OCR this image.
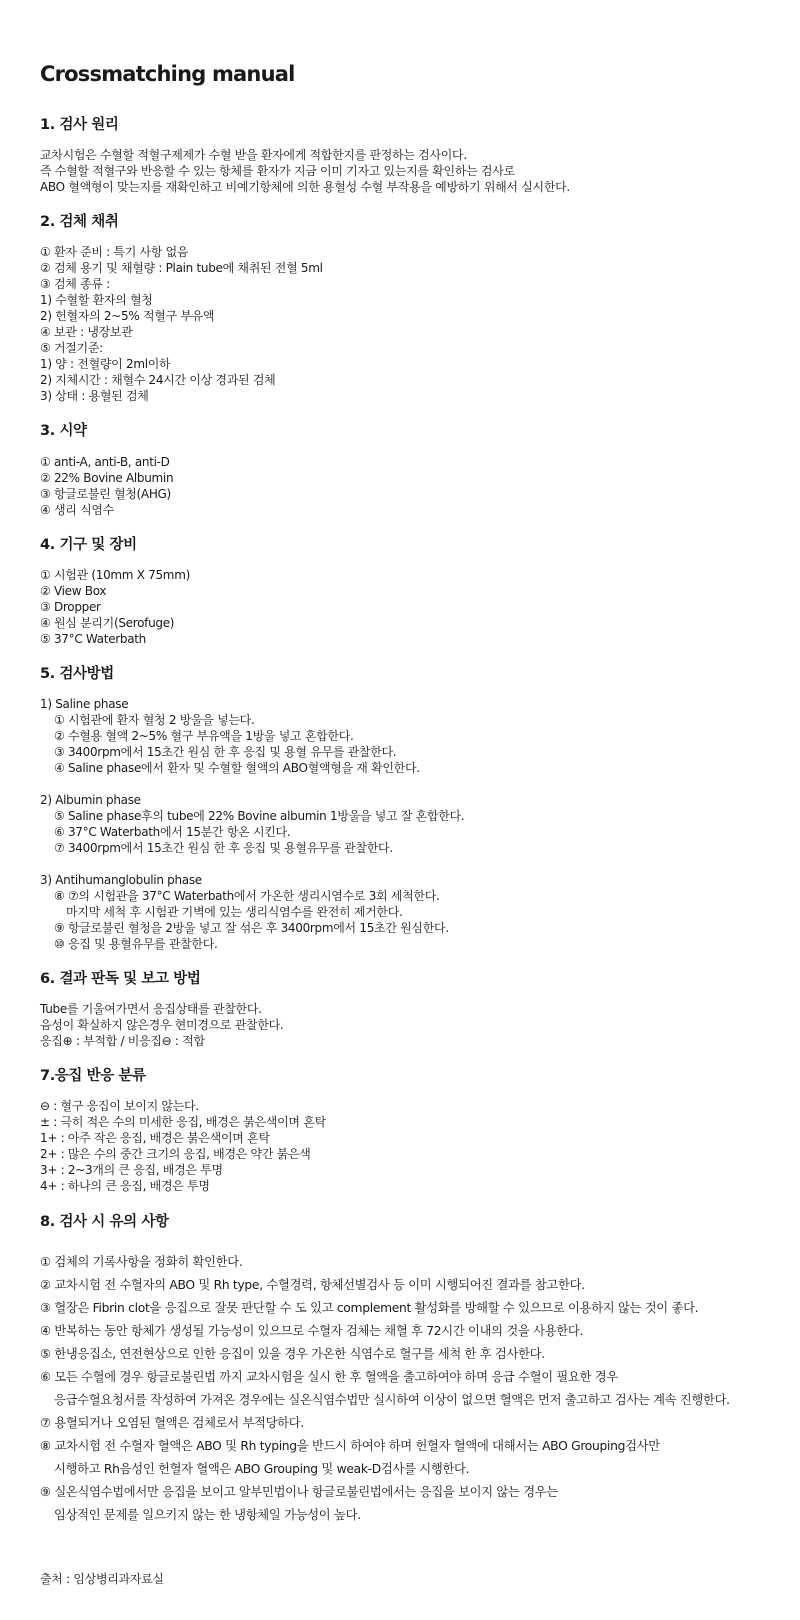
Crossmatching manual
1. 검사 원리
교차시험은 수혈할 적혈구제제가 수혈 받을 환자에게 적합한지를 판정하는 검사이다.
즉 수혈할 적혈구와 반응할 수 있는 항체를 환자가 지금 이미 기자고 있는지를 확인하는 검사로
ABO 혈액형이 맞는지를 재확인하고 비예기항체에 의한 용혈성 수혈 부작용을 예방하기 위해서 실시한다.
2. 검체 채취
① 환자 준비 : 특기 사항 없음
② 검체 용기 및 채혈량 : Plain tube에 채취된 전혈 5ml
③ 검체 종류 :
1) 수혈할 환자의 혈청
2) 헌혈자의 2~5% 적혈구 부유액
④ 보관 : 냉장보관
⑤ 거절기준:
1) 양 : 전혈량이 2ml이하
2) 지체시간 : 채혈수 24시간 이상 경과된 검체
3) 상태 : 용혈된 검체
3. 시약
① anti-A, anti-B, anti-D
② 22% Bovine Albumin
③ 항글로불린 혈청(AHG)
④ 생리 식염수
4. 기구 및 장비
① 시험관 (10mm X 75mm)
② View Box
③ Dropper
④ 원심 분리기(Serofuge)
⑤ 37°C Waterbath
5. 검사방법
1) Saline phase
① 시험관에 환자 혈청 2 방울을 넣는다.
② 수혈용 혈액 2~5% 혈구 부유액을 1방울 넣고 혼합한다.
③ 3400rpm에서 15초간 원심 한 후 응집 및 용혈 유무를 관찰한다.
④ Saline phase에서 환자 및 수혈할 혈액의 ABO혈액형을 재 확인한다.
2) Albumin phase
⑤ Saline phase후의 tube에 22% Bovine albumin 1방울을 넣고 잘 혼합한다.
⑥ 37°C Waterbath에서 15분간 항온 시킨다.
⑦ 3400rpm에서 15초간 원심 한 후 응집 및 용혈유무를 관찰한다.
3) Antihumanglobulin phase
⑧ ⑦의 시험관을 37°C Waterbath에서 가온한 생리시염수로 3회 세척한다.
마지막 세척 후 시험관 기벽에 있는 생리식염수를 완전히 제거한다.
⑨ 항글로불린 혈청을 2방울 넣고 잘 섞은 후 3400rpm에서 15초간 원심한다.
⑩ 응집 및 용혈유무를 관찰한다.
6. 결과 판독 및 보고 방법
Tube를 기울여가면서 응집상태를 관찰한다.
음성이 확실하지 않은경우 현미경으로 관찰한다.
응집⊕ : 부적합 / 비응집⊖ : 적합
7.응집 반응 분류
⊖ : 혈구 응집이 보이지 않는다.
± : 극히 적은 수의 미세한 응집, 배경은 붉은색이며 혼탁
1+ : 아주 작은 응집, 배경은 붉은색이며 혼탁
2+ : 많은 수의 중간 크기의 응집, 배경은 약간 붉은색
3+ : 2~3개의 큰 응집, 배경은 투명
4+ : 하나의 큰 응집, 배경은 투명
8. 검사 시 유의 사항
① 검체의 기록사항을 정화히 확인한다.
② 교차시험 전 수혈자의 ABO 및 Rh type, 수혈경력, 항체선별검사 등 이미 시행되어진 결과를 참고한다.
③ 혈장은 Fibrin clot을 응집으로 잘못 판단할 수 도 있고 complement 활성화를 방해할 수 있으므로 이용하지 않는 것이 좋다.
④ 반복하는 동안 항체가 생성될 가능성이 있으므로 수혈자 검체는 채혈 후 72시간 이내의 것을 사용한다.
⑤ 한냉응집소, 연전현상으로 인한 응집이 있을 경우 가온한 식염수로 혈구를 세척 한 후 검사한다.
⑥ 모든 수혈에 경우 항글로불린법 까지 교차시험을 실시 한 후 혈액을 출고하여야 하며 응급 수혈이 필요한 경우
응급수혈요청서를 작성하여 가져온 경우에는 실온식염수법만 실시하여 이상이 없으면 혈액은 먼저 출고하고 검사는 계속 진행한다.
⑦ 용혈되거나 오염된 혈액은 검체로서 부적당하다.
⑧ 교차시험 전 수혈자 혈액은 ABO 및 Rh typing을 반드시 하여야 하며 헌혈자 혈액에 대해서는 ABO Grouping검사만
시행하고 Rh음성인 헌혈자 혈액은 ABO Grouping 및 weak-D검사를 시행한다.
⑨ 실온식염수법에서만 응집을 보이고 알부민법이나 항글로불린법에서는 응집을 보이지 않는 경우는
임상적인 문제를 일으키지 않는 한 냉항체일 가능성이 높다.
출처 : 임상병리과자료실
